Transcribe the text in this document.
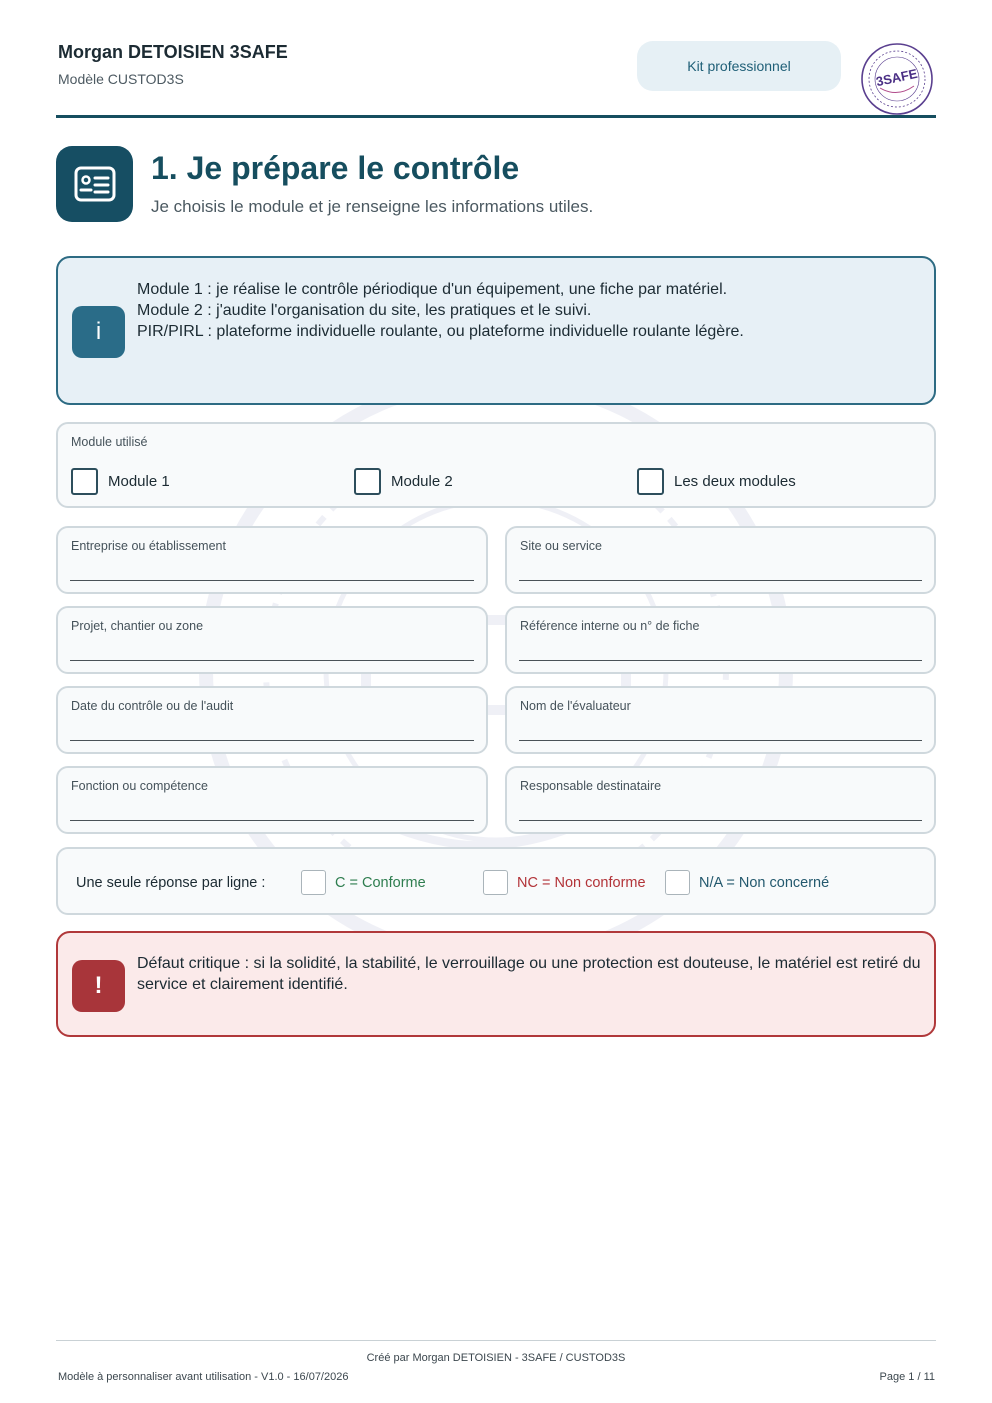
Morgan DETOISIEN 3SAFE
Modèle CUSTOD3S
Kit professionnel	3SAFE
1. Je prépare le contrôle
Je choisis le module et je renseigne les informations utiles.
i
Module 1 : je réalise le contrôle périodique d'un équipement, une fiche par matériel.
Module 2 : j'audite l'organisation du site, les pratiques et le suivi.
PIR/PIRL : plateforme individuelle roulante, ou plateforme individuelle roulante légère.
Module utilisé
Module 1	Module 2	Les deux modules
Entreprise ou établissement	Site ou service
Projet, chantier ou zone	Référence interne ou n° de fiche
Date du contrôle ou de l'audit	Nom de l'évaluateur
Fonction ou compétence	Responsable destinataire
Une seule réponse par ligne :	C = Conforme	NC = Non conforme	N/A = Non concerné
!
Défaut critique : si la solidité, la stabilité, le verrouillage ou une protection est douteuse, le matériel est retiré du service et clairement identifié.
Créé par Morgan DETOISIEN - 3SAFE / CUSTOD3S
Modèle à personnaliser avant utilisation - V1.0 - 16/07/2026	Page 1 / 11
